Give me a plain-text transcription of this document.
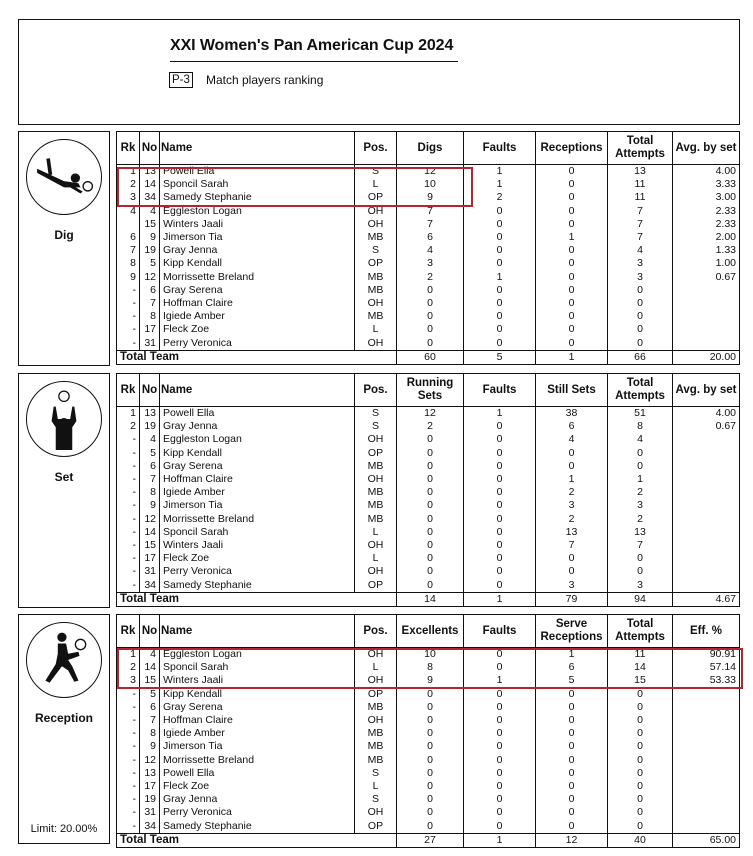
XXI Women's Pan American Cup 2024
P-3 Match players ranking
Dig
Rk	No	Name	Pos.	Digs	Faults	Receptions	Total Attempts	Avg. by set
1	13	Powell Ella	S	12	1	0	13	4.00
2	14	Sponcil Sarah	L	10	1	0	11	3.33
3	34	Samedy Stephanie	OP	9	2	0	11	3.00
4	4	Eggleston Logan	OH	7	0	0	7	2.33
	15	Winters Jaali	OH	7	0	0	7	2.33
6	9	Jimerson Tia	MB	6	0	1	7	2.00
7	19	Gray Jenna	S	4	0	0	4	1.33
8	5	Kipp Kendall	OP	3	0	0	3	1.00
9	12	Morrissette Breland	MB	2	1	0	3	0.67
-	6	Gray Serena	MB	0	0	0	0	
-	7	Hoffman Claire	OH	0	0	0	0	
-	8	Igiede Amber	MB	0	0	0	0	
-	17	Fleck Zoe	L	0	0	0	0	
-	31	Perry Veronica	OH	0	0	0	0	
Total Team				60	5	1	66	20.00
Set
Rk	No	Name	Pos.	Running Sets	Faults	Still Sets	Total Attempts	Avg. by set
1	13	Powell Ella	S	12	1	38	51	4.00
2	19	Gray Jenna	S	2	0	6	8	0.67
-	4	Eggleston Logan	OH	0	0	4	4	
-	5	Kipp Kendall	OP	0	0	0	0	
-	6	Gray Serena	MB	0	0	0	0	
-	7	Hoffman Claire	OH	0	0	1	1	
-	8	Igiede Amber	MB	0	0	2	2	
-	9	Jimerson Tia	MB	0	0	3	3	
-	12	Morrissette Breland	MB	0	0	2	2	
-	14	Sponcil Sarah	L	0	0	13	13	
-	15	Winters Jaali	OH	0	0	7	7	
-	17	Fleck Zoe	L	0	0	0	0	
-	31	Perry Veronica	OH	0	0	0	0	
-	34	Samedy Stephanie	OP	0	0	3	3	
Total Team				14	1	79	94	4.67
Reception
Limit: 20.00%
Rk	No	Name	Pos.	Excellents	Faults	Serve Receptions	Total Attempts	Eff. %
1	4	Eggleston Logan	OH	10	0	1	11	90.91
2	14	Sponcil Sarah	L	8	0	6	14	57.14
3	15	Winters Jaali	OH	9	1	5	15	53.33
-	5	Kipp Kendall	OP	0	0	0	0	
-	6	Gray Serena	MB	0	0	0	0	
-	7	Hoffman Claire	OH	0	0	0	0	
-	8	Igiede Amber	MB	0	0	0	0	
-	9	Jimerson Tia	MB	0	0	0	0	
-	12	Morrissette Breland	MB	0	0	0	0	
-	13	Powell Ella	S	0	0	0	0	
-	17	Fleck Zoe	L	0	0	0	0	
-	19	Gray Jenna	S	0	0	0	0	
-	31	Perry Veronica	OH	0	0	0	0	
-	34	Samedy Stephanie	OP	0	0	0	0	
Total Team				27	1	12	40	65.00
